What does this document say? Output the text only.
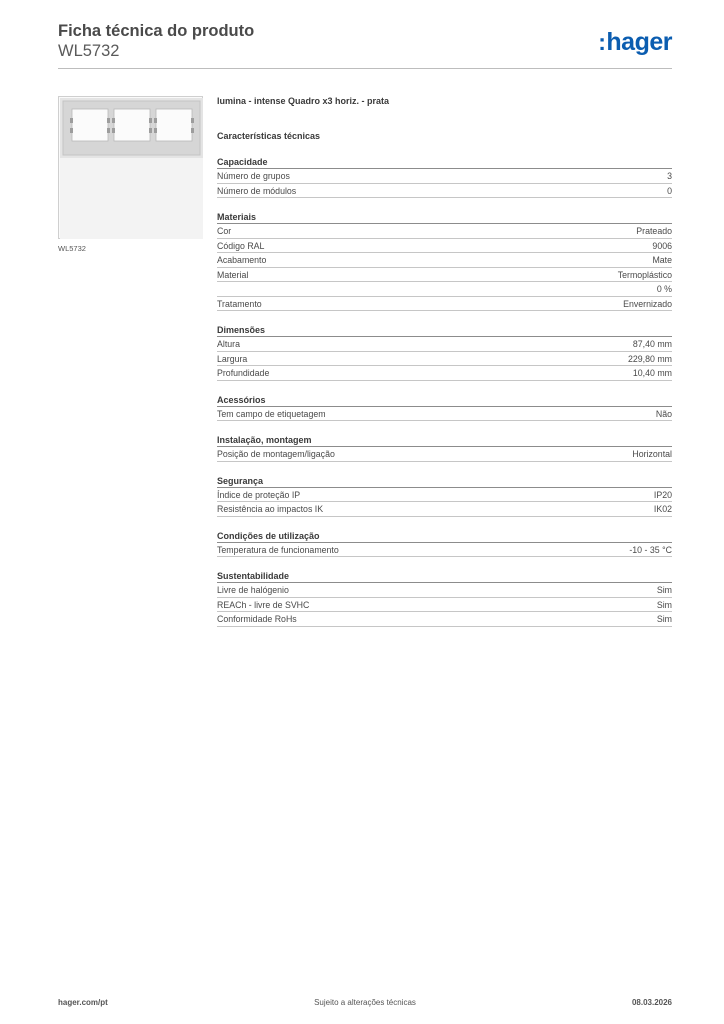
Ficha técnica do produto
WL5732	:hager
WL5732
lumina - intense Quadro x3 horiz. - prata
Características técnicas
Capacidade
Número de grupos	3
Número de módulos	0
Materiais
Cor	Prateado
Código RAL	9006
Acabamento	Mate
Material	Termoplástico
0 %
Tratamento	Envernizado
Dimensões
Altura	87,40 mm
Largura	229,80 mm
Profundidade	10,40 mm
Acessórios
Tem campo de etiquetagem	Não
Instalação, montagem
Posição de montagem/ligação	Horizontal
Segurança
Índice de proteção IP	IP20
Resistência ao impactos IK	IK02
Condições de utilização
Temperatura de funcionamento	-10 - 35 °C
Sustentabilidade
Livre de halógenio	Sim
REACh - livre de SVHC	Sim
Conformidade RoHs	Sim
hager.com/pt	Sujeito a alterações técnicas	08.03.2026
